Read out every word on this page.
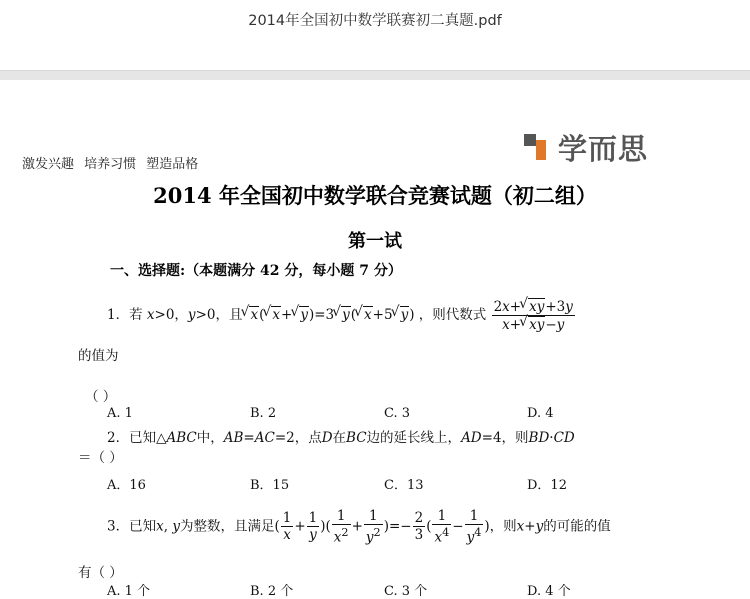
2014年全国初中数学联赛初二真题.pdf
激发兴趣 培养习惯 塑造品格	学而思
2014 年全国初中数学联合竞赛试题（初二组）
第一试
一、选择题:（本题满分 42 分，每小题 7 分）
1．若 x>0，y>0，且 √ x( √ x+ √ y)=3 √ y( √ x+5 √ y) ，则代数式 $\frac{2x+ √ xy+3y}{x+ √ xy-y}$
的值为
（ ）
A. 1	B. 2	C. 3	D. 4
2．已知△ABC中，AB=AC=2，点D在BC边的延长线上，AD=4，则BD·CD
＝（ ）
A．16	B．15	C．13	D．12
3．已知x, y为整数，且满足( $\frac{1}{x} + \frac{1}{y}$ )( $\frac{1}{x^2} + \frac{1}{y^2}$ )=− $\frac{2}{3}$ ( $\frac{1}{x^4} - \frac{1}{y^4}$ )，则x+y的可能的值
有（ ）
A. 1 个	B. 2 个	C. 3 个	D. 4 个
